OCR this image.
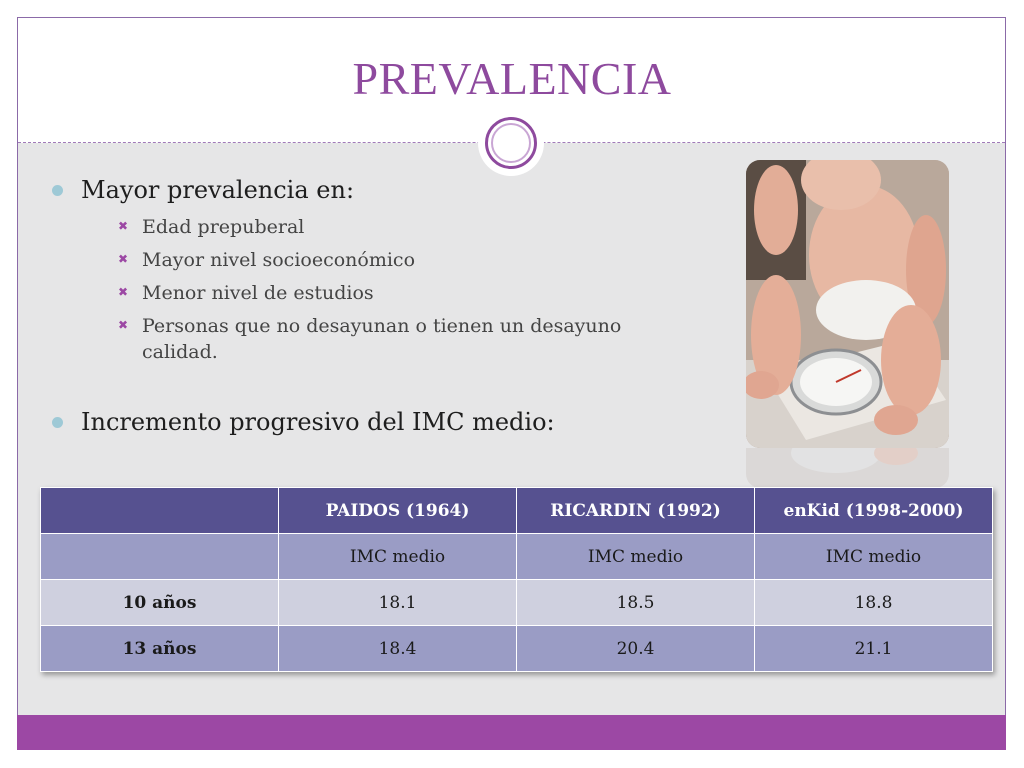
PREVALENCIA
Mayor prevalencia en:
✖ Edad prepuberal
✖ Mayor nivel socioeconómico
✖ Menor nivel de estudios
✖ Personas que no desayunan o tienen un desayuno calidad.
Incremento progresivo del IMC medio:
	PAIDOS (1964)	RICARDIN (1992)	enKid (1998-2000)
	IMC medio	IMC medio	IMC medio
10 años	18.1	18.5	18.8
13 años	18.4	20.4	21.1
